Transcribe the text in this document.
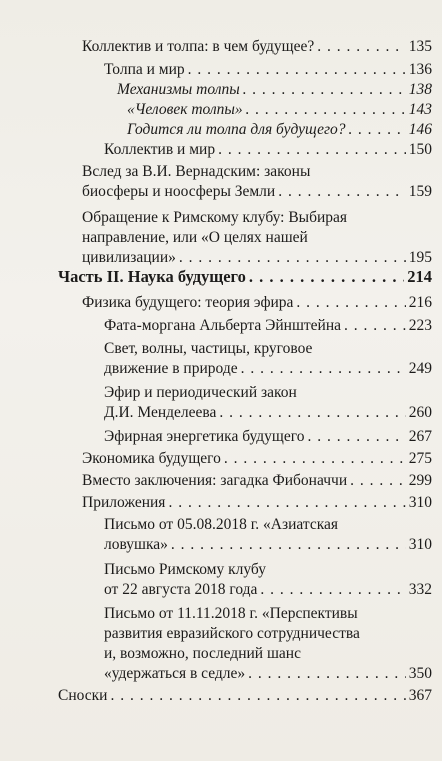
Коллектив и толпа: в чем будущее? . . .	135
Толпа и мир . . .	136
Механизмы толпы . . .	138
«Человек толпы» . . .	143
Годится ли толпа для будущего? . . .	146
Коллектив и мир . . .	150
Вслед за В.И. Вернадским: законы
биосферы и ноосферы Земли . . .	159
Обращение к Римскому клубу: Выбирая
направление, или «О целях нашей
цивилизации» . . .	195
Часть II. Наука будущего . . .	214
Физика будущего: теория эфира . . .	216
Фата-моргана Альберта Эйнштейна . . .	223
Свет, волны, частицы, круговое
движение в природе . . .	249
Эфир и периодический закон
Д.И. Менделеева . . .	260
Эфирная энергетика будущего . . .	267
Экономика будущего . . .	275
Вместо заключения: загадка Фибоначчи . . .	299
Приложения . . .	310
Письмо от 05.08.2018 г. «Азиатская
ловушка» . . .	310
Письмо Римскому клубу
от 22 августа 2018 года . . .	332
Письмо от 11.11.2018 г. «Перспективы
развития евразийского сотрудничества
и, возможно, последний шанс
«удержаться в седле» . . .	350
Сноски . . .	367
